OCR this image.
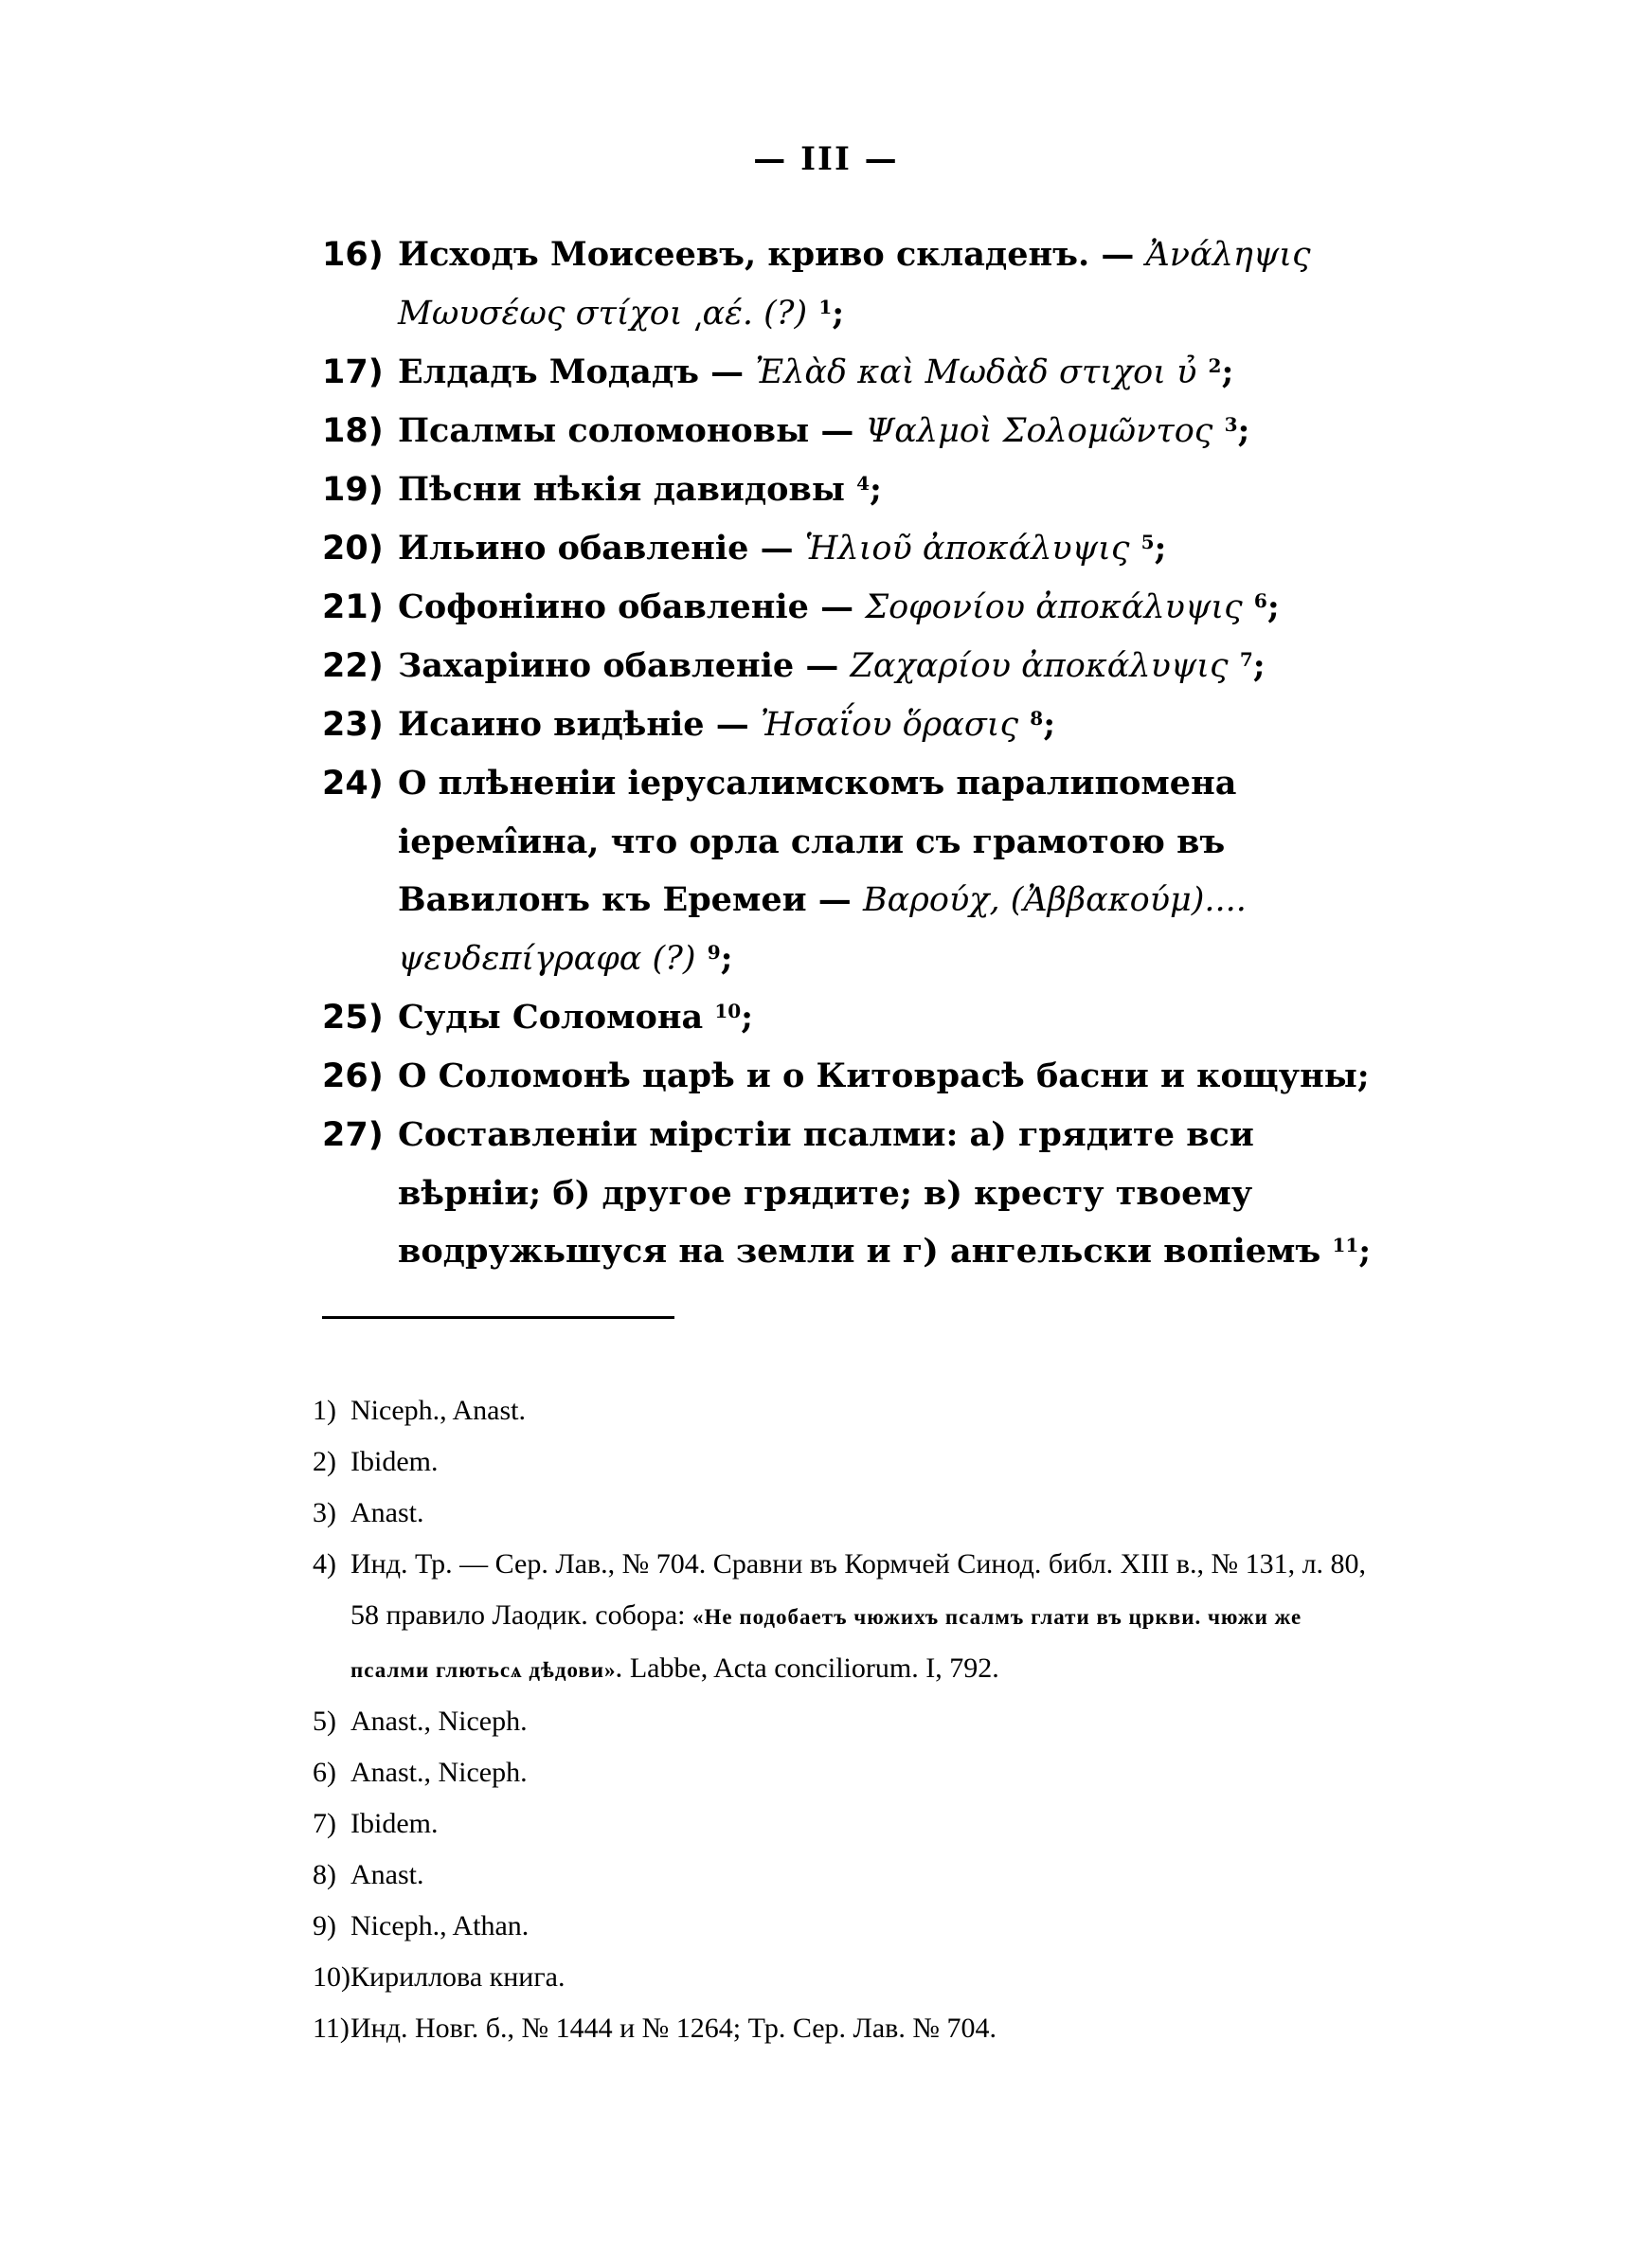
— III —
16) Исходъ Моисеевъ, криво складенъ. — Ἀνάληψις Μωυσέως στίχοι ͵αέ. (?) $^1$;
17) Елдадъ Модадъ — Ἐλὰδ καὶ Μωδὰδ στιχοι υ̉ $^2$;
18) Псалмы соломоновы — Ψαλμοὶ Σολομῶντος $^3$;
19) Пѣсни нѣкія давидовы $^4$;
20) Ильино обавленіе — Ἡλιοῦ ἀποκάλυψις $^5$;
21) Софоніино обавленіе — Σοφονίου ἀποκάλυψις $^6$;
22) Захаріино обавленіе — Ζαχαρίου ἀποκάλυψις $^7$;
23) Исаино видѣніе — Ἠσαΐου ὅρασις $^8$;
24) О плѣненіи іерусалимскомъ паралипомена іеремі̂ина, что орла слали съ грамотою въ Вавилонъ къ Еремеи — Βαρούχ, (Ἀββακούμ).... ψευδεπίγραφα (?) $^9$;
25) Суды Соломона $^{10}$;
26) О Соломонѣ царѣ и о Китоврасѣ басни и кощуны;
27) Составленіи мірстіи псалми: а) грядите вси вѣрніи; б) другое грядите; в) кресту твоему водружьшуся на земли и г) ангельски вопіемъ $^{11}$;
1) Niceph., Anast.
2) Ibidem.
3) Anast.
4) Инд. Тр. — Сер. Лав., № 704. Сравни въ Кормчей Синод. библ. XIII в., № 131, л. 80, 58 правило Лаодик. собора: «Не подобаетъ чюжихъ псалмъ глати въ цркви. чюжи же псалми глютьсѧ дѣдови». Labbe, Acta conciliorum. I, 792.
5) Anast., Niceph.
6) Anast., Niceph.
7) Ibidem.
8) Anast.
9) Niceph., Athan.
10)Кириллова книга.
11)Инд. Новг. б., № 1444 и № 1264; Тр. Сер. Лав. № 704.
